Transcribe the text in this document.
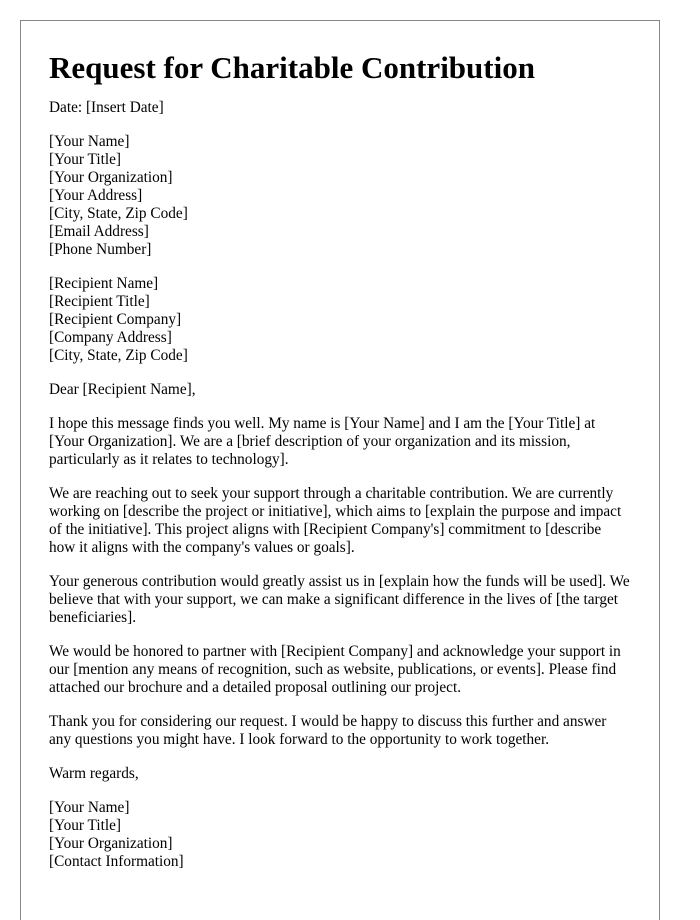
Request for Charitable Contribution

Date: [Insert Date]

[Your Name]
[Your Title]
[Your Organization]
[Your Address]
[City, State, Zip Code]
[Email Address]
[Phone Number]
[Recipient Name]
[Recipient Title]
[Recipient Company]
[Company Address]
[City, State, Zip Code]

Dear [Recipient Name],

I hope this message finds you well. My name is [Your Name] and I am the [Your Title] at [Your Organization]. We are a [brief description of your organization and its mission, particularly as it relates to technology].

We are reaching out to seek your support through a charitable contribution. We are currently working on [describe the project or initiative], which aims to [explain the purpose and impact of the initiative]. This project aligns with [Recipient Company's] commitment to [describe how it aligns with the company's values or goals].

Your generous contribution would greatly assist us in [explain how the funds will be used]. We believe that with your support, we can make a significant difference in the lives of [the target beneficiaries].

We would be honored to partner with [Recipient Company] and acknowledge your support in our [mention any means of recognition, such as website, publications, or events]. Please find attached our brochure and a detailed proposal outlining our project.

Thank you for considering our request. I would be happy to discuss this further and answer any questions you might have. I look forward to the opportunity to work together.

Warm regards,

[Your Name]
[Your Title]
[Your Organization]
[Contact Information]
